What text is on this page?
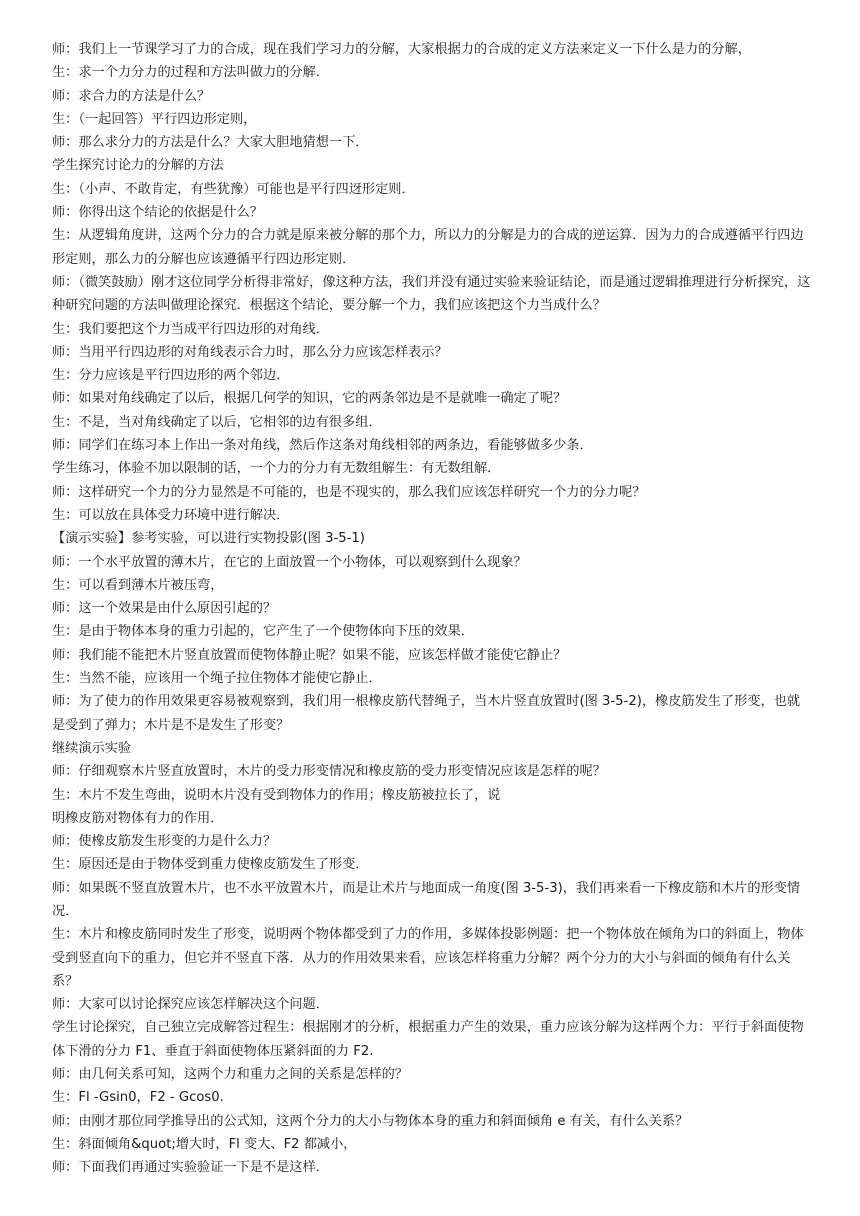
师：我们上一节课学习了力的合成，现在我们学习力的分解，大家根据力的合成的定义方法来定义一下什么是力的分解，

生：求一个力分力的过程和方法叫做力的分解．

师：求合力的方法是什么？

生：（一起回答）平行四边形定则，

师：那么求分力的方法是什么？大家大胆地猜想一下．

学生探究讨论力的分解的方法

生：（小声、不敢肯定，有些犹豫）可能也是平行四迓形定则．

师：你得出这个结论的依据是什么？

生：从逻辑角度讲，这两个分力的合力就是原来被分解的那个力，所以力的分解是力的合成的逆运算．因为力的合成遵循平行四边形定则，那么力的分解也应该遵循平行四边形定则．

师：（微笑鼓励）刚才这位同学分析得非常好，像这种方法，我们并没有通过实验来验证结论，而是通过逻辑推理进行分析探究，这种研究问题的方法叫做理论探究．根据这个结论，要分解一个力，我们应该把这个力当成什么？

生：我们要把这个力当成平行四边形的对角线．

师：当用平行四边形的对角线表示合力时，那么分力应该怎样表示？

生：分力应该是平行四边形的两个邻边．

师：如果对角线确定了以后，根据几何学的知识，它的两条邻边是不是就唯一确定了呢？

生：不是，当对角线确定了以后，它相邻的边有很多组．

师：同学们在练习本上作出一条对角线，然后作这条对角线相邻的两条边，看能够做多少条．

学生练习，体验不加以限制的话，一个力的分力有无数组解生：有无数组解．

师：这样研究一个力的分力显然是不可能的，也是不现实的，那么我们应该怎样研究一个力的分力呢？

生：可以放在具体受力环境中进行解决．

【演示实验】参考实验，可以进行实物投影(图 3-5-1)

师：一个水平放置的薄木片，在它的上面放置一个小物体，可以观察到什么现象？

生：可以看到薄木片被压弯，

师：这一个效果是由什么原因引起的？

生：是由于物体本身的重力引起的，它产生了一个使物体向下压的效果．

师：我们能不能把木片竖直放置而使物体静止呢？如果不能，应该怎样做才能使它静止？

生：当然不能，应该用一个绳子拉住物体才能使它静止．

师：为了使力的作用效果更容易被观察到，我们用一根橡皮筋代替绳子，当木片竖直放置时(图 3-5-2)，橡皮筋发生了形变，也就是受到了弹力；木片是不是发生了形变？

继续演示实验

师：仔细观察木片竖直放置时，木片的受力形变情况和橡皮筋的受力形变情况应该是怎样的呢？

生：木片不发生弯曲，说明木片没有受到物体力的作用；橡皮筋被拉长了，说

明橡皮筋对物体有力的作用．

师：使橡皮筋发生形变的力是什么力？

生：原因还是由于物体受到重力使橡皮筋发生了形变．

师：如果既不竖直放置木片，也不水平放置木片，而是让术片与地面成一角度(图 3-5-3)，我们再来看一下橡皮筋和木片的形变情况．

生：木片和橡皮筋同时发生了形变，说明两个物体都受到了力的作用，多媒体投影例题：把一个物体放在倾角为口的斜面上，物体受到竖直向下的重力，但它并不竖直下落．从力的作用效果来看，应该怎样将重力分解？两个分力的大小与斜面的倾角有什么关系？

师：大家可以讨论探究应该怎样解决这个问题．

学生讨论探究，自己独立完成解答过程生：根据刚才的分析，根据重力产生的效果，重力应该分解为这样两个力：平行于斜面使物体下滑的分力 F1、垂直于斜面使物体压紧斜面的力 F2.

师：由几何关系可知，这两个力和重力之间的关系是怎样的？

生：Fl -Gsin0，F2 - Gcos0.

师：由刚才那位同学推导出的公式知，这两个分力的大小与物体本身的重力和斜面倾角 e 有关，有什么关系？

生：斜面倾角&quot;增大时，Fl 变大、F2 都减小，

师：下面我们再通过实验验证一下是不是这样．
